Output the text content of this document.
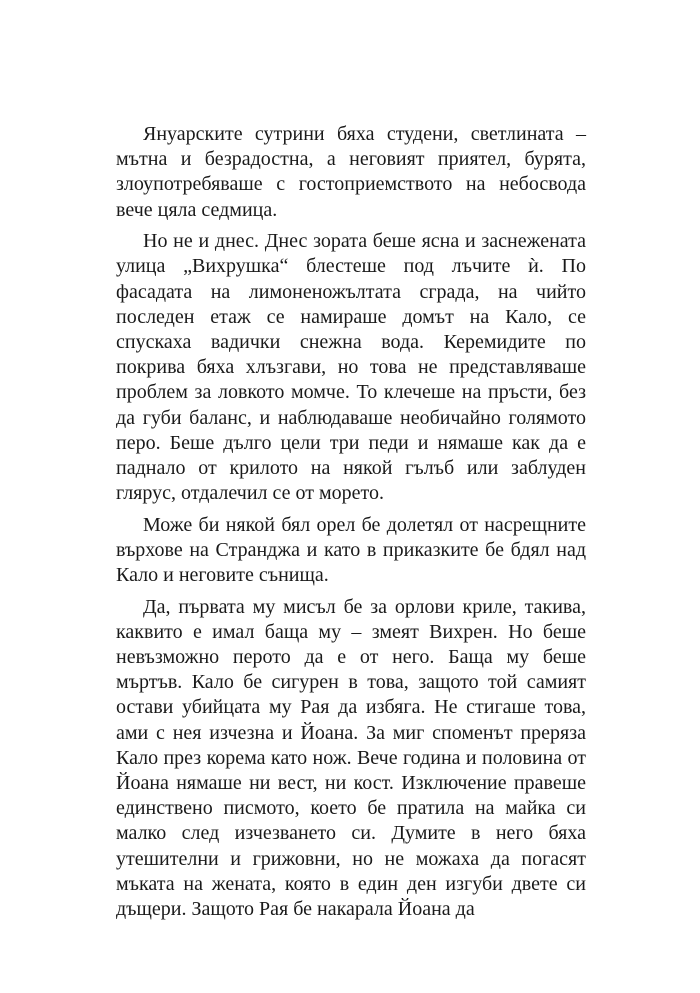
Януарските сутрини бяха студени, светлината – мътна и безрадостна, а неговият приятел, бурята, злоупотребяваше с гостоприемството на небосвода вече цяла седмица.

Но не и днес. Днес зората беше ясна и заснежената улица „Вихрушка“ блестеше под лъчите ѝ. По фасадата на лимоненожълтата сграда, на чийто последен етаж се намираше домът на Кало, се спускаха вадички снежна вода. Керемидите по покрива бяха хлъзгави, но това не представляваше проблем за ловкото момче. То клечеше на пръсти, без да губи баланс, и наблюдаваше необичайно голямото перо. Беше дълго цели три педи и нямаше как да е паднало от крилото на някой гълъб или заблуден глярус, отдалечил се от морето.

Може би някой бял орел бе долетял от насрещните върхове на Странджа и като в приказките бе бдял над Кало и неговите сънища.

Да, първата му мисъл бе за орлови криле, такива, каквито е имал баща му – змеят Вихрен. Но беше невъзможно перото да е от него. Баща му беше мъртъв. Кало бе сигурен в това, защото той самият остави убийцата му Рая да избяга. Не стигаше това, ами с нея изчезна и Йоана. За миг споменът преряза Кало през корема като нож. Вече година и половина от Йоана нямаше ни вест, ни кост. Изключение правеше единствено писмото, което бе пратила на майка си малко след изчезването си. Думите в него бяха утешителни и грижовни, но не можаха да погасят мъката на жената, която в един ден изгуби двете си дъщери. Защото Рая бе накарала Йоана да
